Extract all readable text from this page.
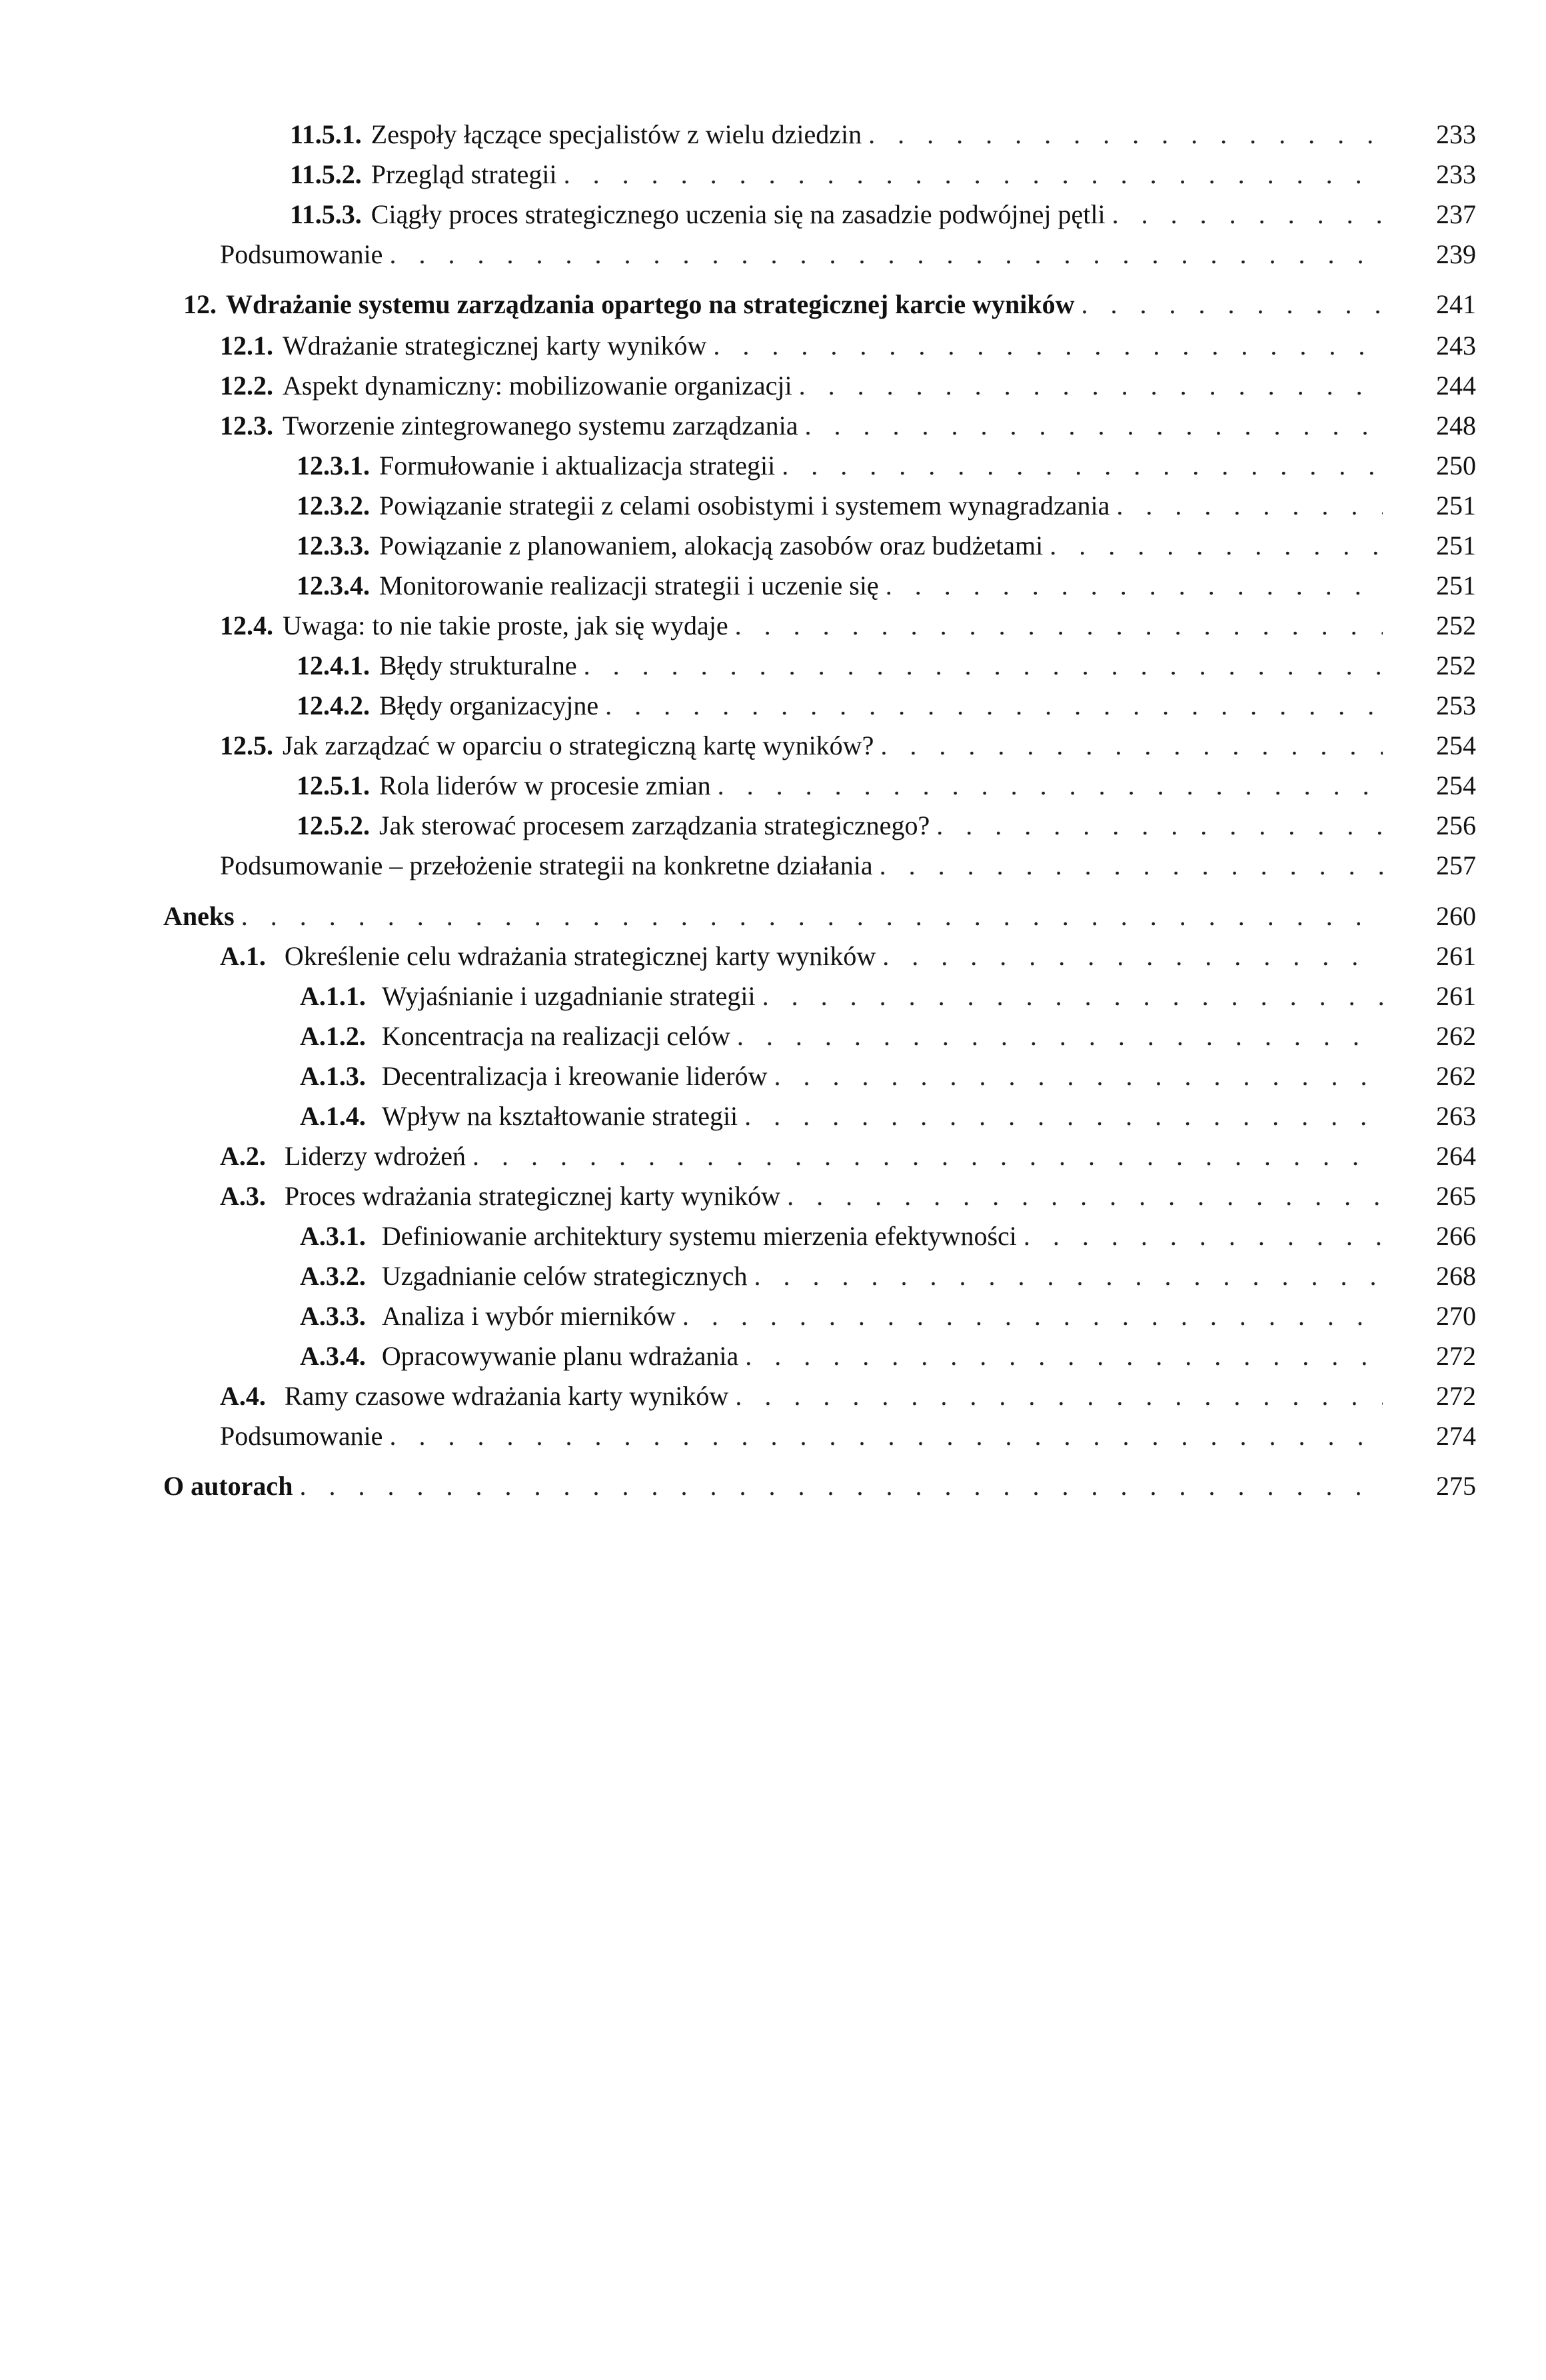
11.5.1. Zespoły łączące specjalistów z wielu dziedzin . . .	233
11.5.2. Przegląd strategii . . .	233
11.5.3. Ciągły proces strategicznego uczenia się na zasadzie podwójnej pętli . . .	237
Podsumowanie . . .	239
12. Wdrażanie systemu zarządzania opartego na strategicznej karcie wyników . . .	241
12.1. Wdrażanie strategicznej karty wyników . . .	243
12.2. Aspekt dynamiczny: mobilizowanie organizacji . . .	244
12.3. Tworzenie zintegrowanego systemu zarządzania . . .	248
12.3.1. Formułowanie i aktualizacja strategii . . .	250
12.3.2. Powiązanie strategii z celami osobistymi i systemem wynagradzania . . .	251
12.3.3. Powiązanie z planowaniem, alokacją zasobów oraz budżetami . . .	251
12.3.4. Monitorowanie realizacji strategii i uczenie się . . .	251
12.4. Uwaga: to nie takie proste, jak się wydaje . . .	252
12.4.1. Błędy strukturalne . . .	252
12.4.2. Błędy organizacyjne . . .	253
12.5. Jak zarządzać w oparciu o strategiczną kartę wyników? . . .	254
12.5.1. Rola liderów w procesie zmian . . .	254
12.5.2. Jak sterować procesem zarządzania strategicznego? . . .	256
Podsumowanie – przełożenie strategii na konkretne działania . . .	257
Aneks . . .	260
A.1. Określenie celu wdrażania strategicznej karty wyników . . .	261
A.1.1. Wyjaśnianie i uzgadnianie strategii . . .	261
A.1.2. Koncentracja na realizacji celów . . .	262
A.1.3. Decentralizacja i kreowanie liderów . . .	262
A.1.4. Wpływ na kształtowanie strategii . . .	263
A.2. Liderzy wdrożeń . . .	264
A.3. Proces wdrażania strategicznej karty wyników . . .	265
A.3.1. Definiowanie architektury systemu mierzenia efektywności . . .	266
A.3.2. Uzgadnianie celów strategicznych . . .	268
A.3.3. Analiza i wybór mierników . . .	270
A.3.4. Opracowywanie planu wdrażania . . .	272
A.4. Ramy czasowe wdrażania karty wyników . . .	272
Podsumowanie . . .	274
O autorach . . .	275
